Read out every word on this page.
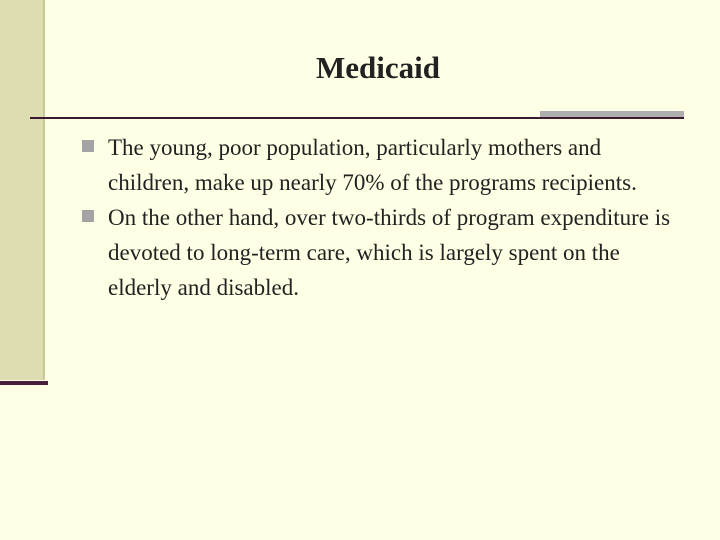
Medicaid
The young, poor population, particularly mothers and children, make up nearly 70% of the programs recipients.
On the other hand, over two-thirds of program expenditure is devoted to long-term care, which is largely spent on the elderly and disabled.
